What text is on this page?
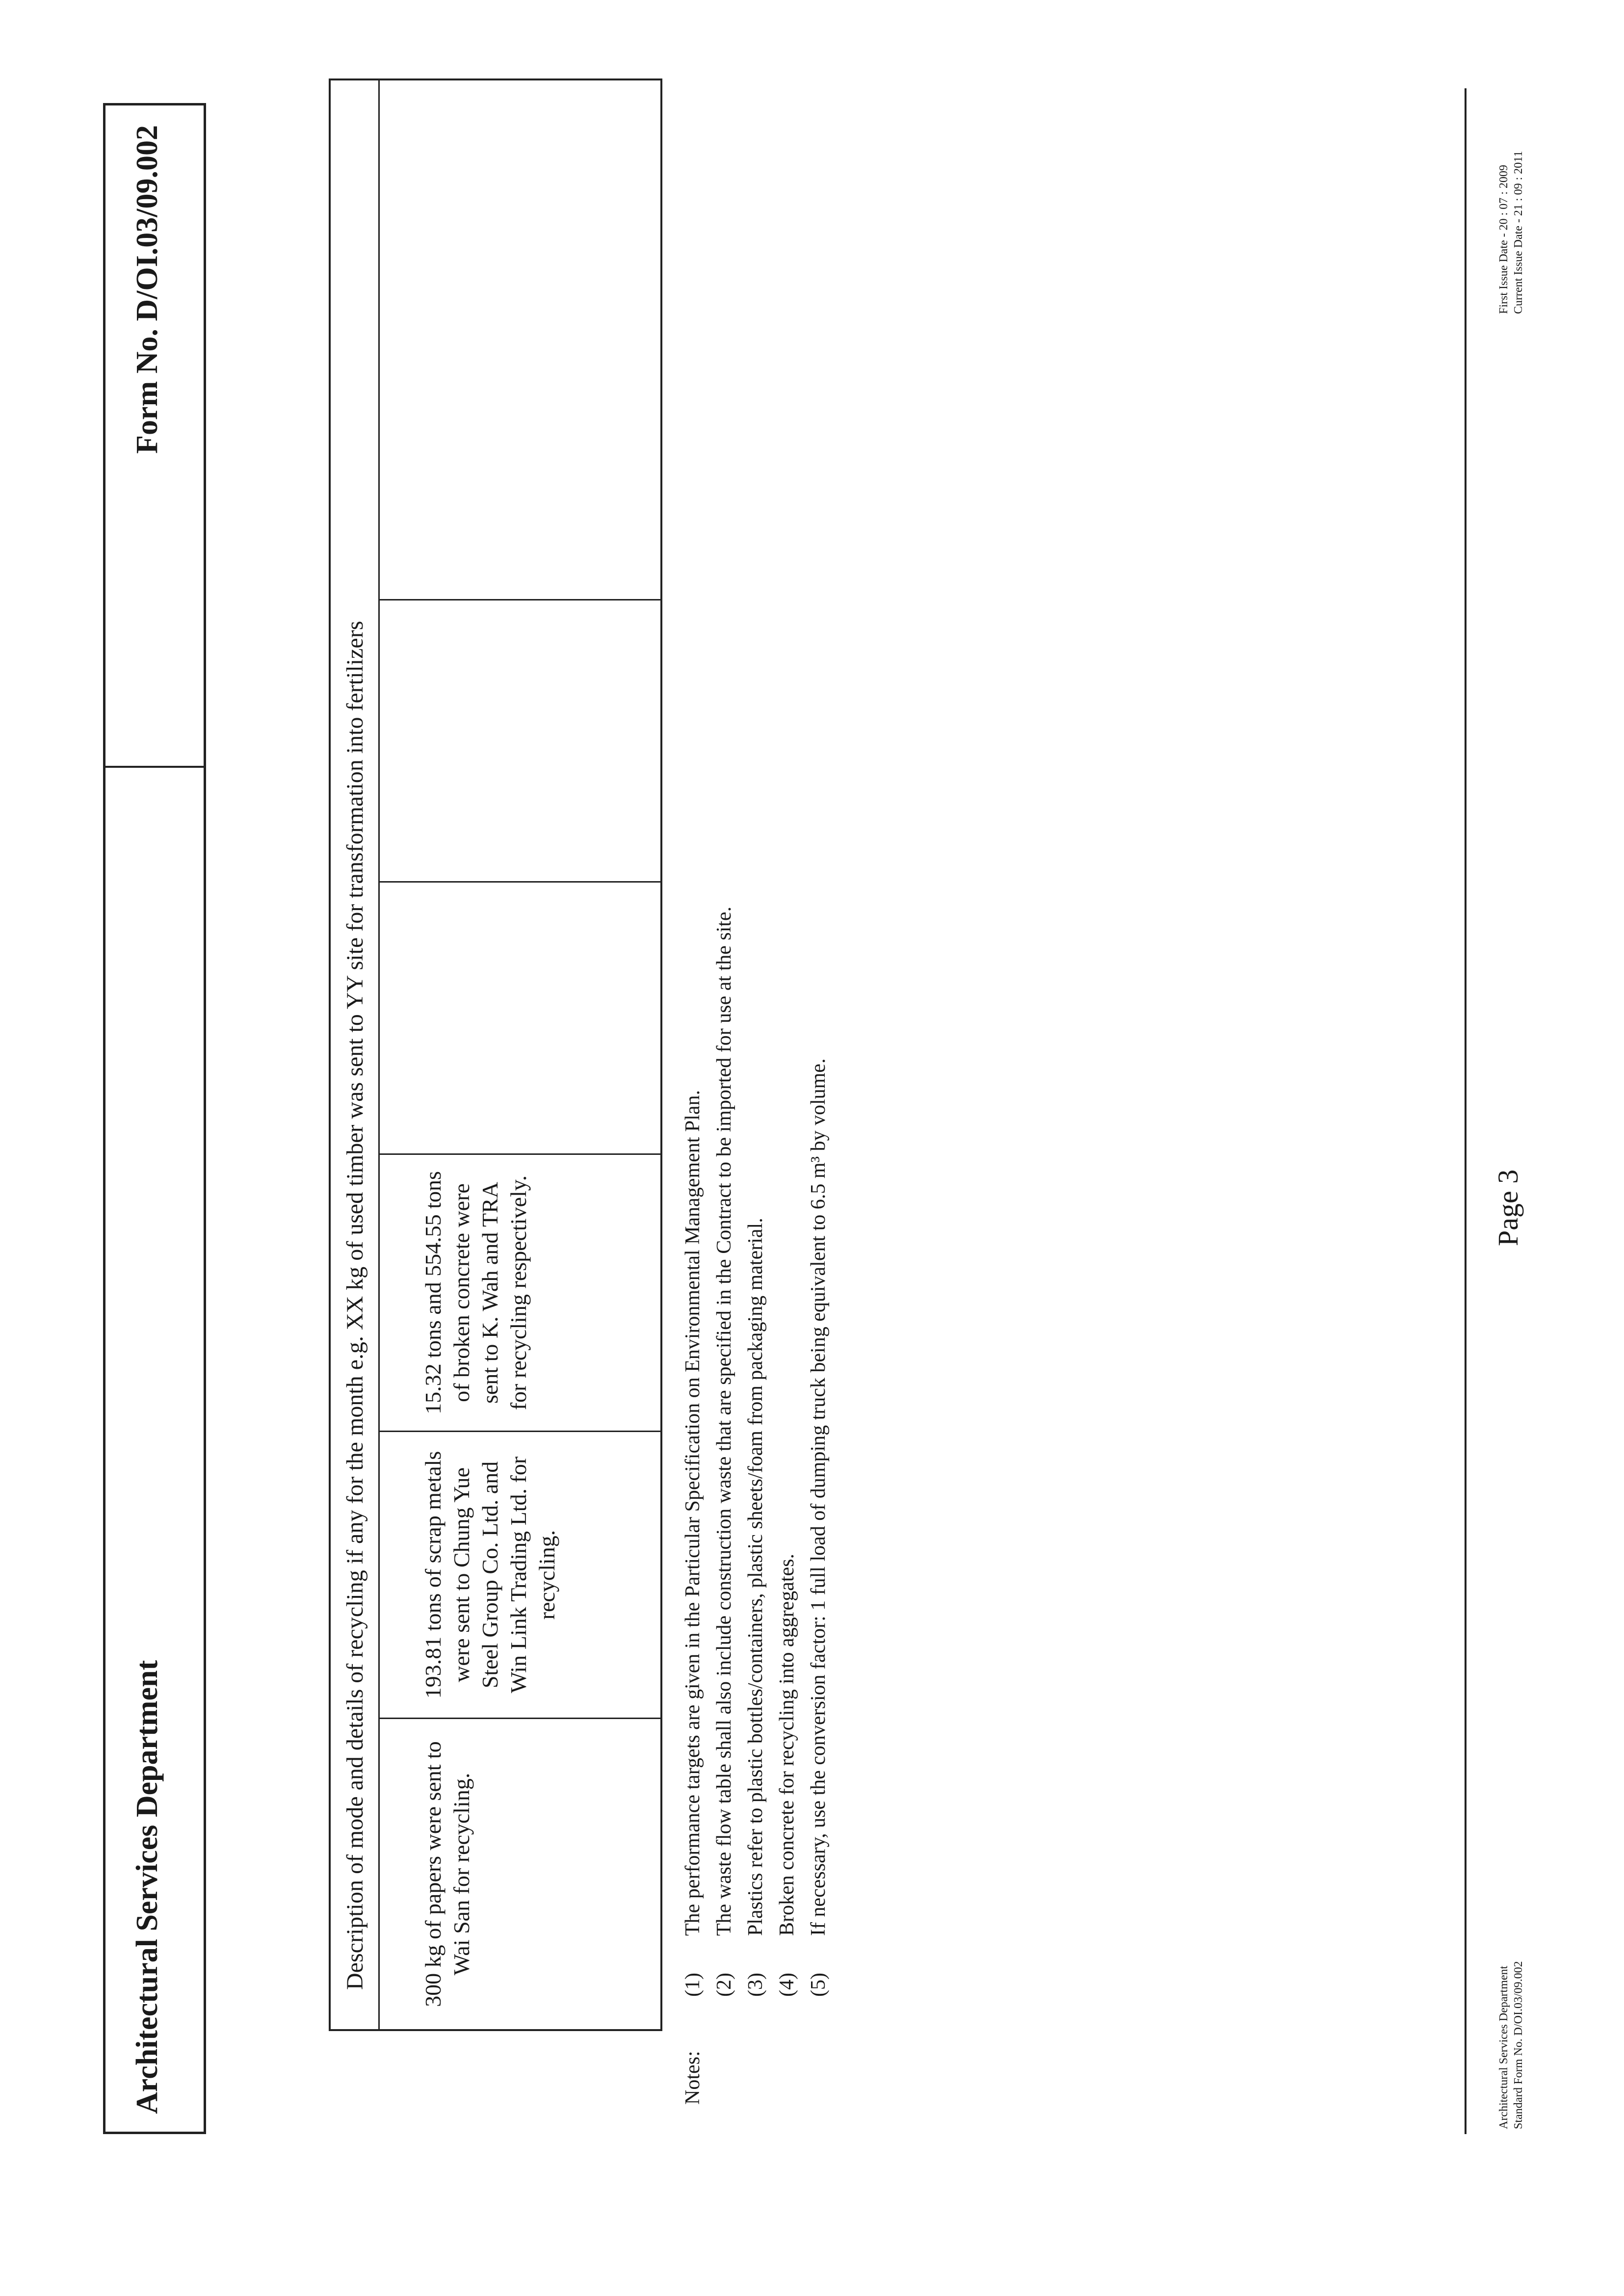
Architectural Services Department
Form No. D/OI.03/09.002
Description of mode and details of recycling if any for the month e.g. XX kg of used timber was sent to YY site for transformation into fertilizers	300 kg of papers were sent to Wai San for recycling.
193.81 tons of scrap metals were sent to Chung Yue Steel Group Co. Ltd. and Win Link Trading Ltd. for recycling.
15.32 tons and 554.55 tons of broken concrete were sent to K. Wah and TRA for recycling respectively.
Notes:
(1)The performance targets are given in the Particular Specification on Environmental Management Plan.
(2)The waste flow table shall also include construction waste that are specified in the Contract to be imported for use at the site.
(3)Plastics refer to plastic bottles/containers, plastic sheets/foam from packaging material.
(4)Broken concrete for recycling into aggregates.
(5)If necessary, use the conversion factor: 1 full load of dumping truck being equivalent to 6.5 m³ by volume.
Architectural Services Department Standard Form No. D/OI.03/09.002
Page 3
First Issue Date - 20 : 07 : 2009 Current Issue Date - 21 : 09 : 2011
